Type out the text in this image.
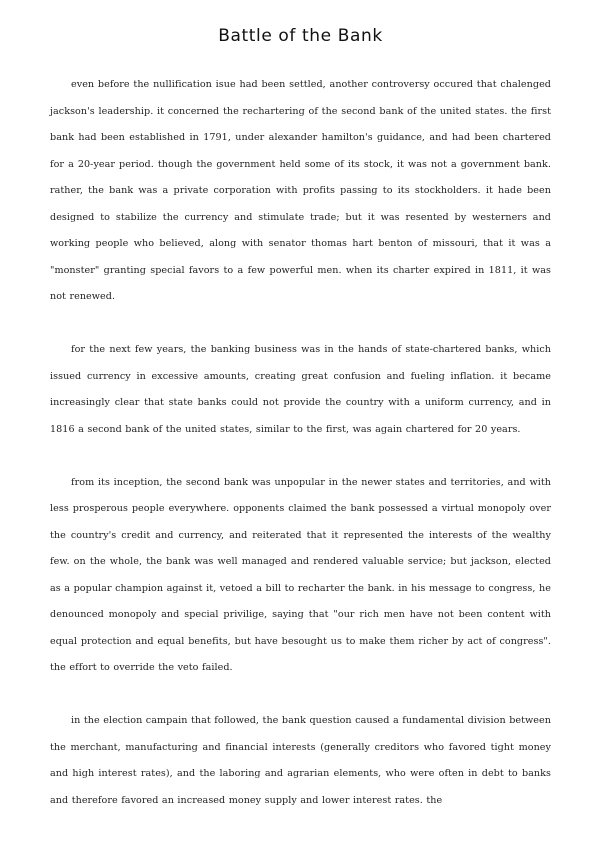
Battle of the Bank

even before the nullification isue had been settled, another controversy occured that chalenged jackson's leadership. it concerned the rechartering of the second bank of the united states. the first bank had been established in 1791, under alexander hamilton's guidance, and had been chartered for a 20-year period. though the government held some of its stock, it was not a government bank. rather, the bank was a private corporation with profits passing to its stockholders. it hade been designed to stabilize the currency and stimulate trade; but it was resented by westerners and working people who believed, along with senator thomas hart benton of missouri, that it was a "monster" granting special favors to a few powerful men. when its charter expired in 1811, it was not renewed.

for the next few years, the banking business was in the hands of state-chartered banks, which issued currency in excessive amounts, creating great confusion and fueling inflation. it became increasingly clear that state banks could not provide the country with a uniform currency, and in 1816 a second bank of the united states, similar to the first, was again chartered for 20 years.

from its inception, the second bank was unpopular in the newer states and territories, and with less prosperous people everywhere. opponents claimed the bank possessed a virtual monopoly over the country's credit and currency, and reiterated that it represented the interests of the wealthy few. on the whole, the bank was well managed and rendered valuable service; but jackson, elected as a popular champion against it, vetoed a bill to recharter the bank. in his message to congress, he denounced monopoly and special privilige, saying that "our rich men have not been content with equal protection and equal benefits, but have besought us to make them richer by act of congress". the effort to override the veto failed.

in the election campain that followed, the bank question caused a fundamental division between the merchant, manufacturing and financial interests (generally creditors who favored tight money and high interest rates), and the laboring and agrarian elements, who were often in debt to banks and therefore favored an increased money supply and lower interest rates. the
